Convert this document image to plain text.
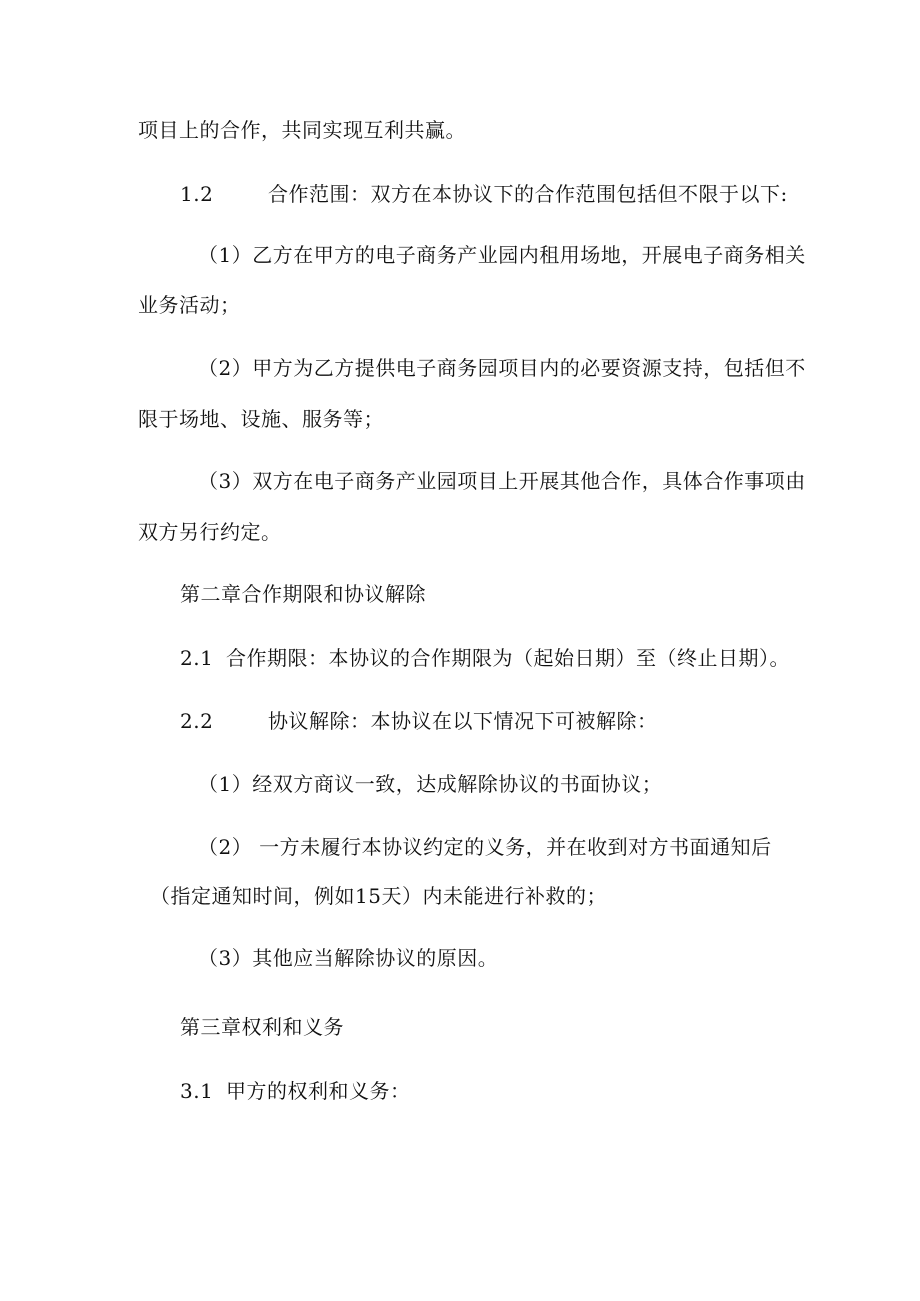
项目上的合作，共同实现互利共赢。
1.2	合作范围：双方在本协议下的合作范围包括但不限于以下:
（1）乙方在甲方的电子商务产业园内租用场地，开展电子商务相关
业务活动；
（2）甲方为乙方提供电子商务园项目内的必要资源支持，包括但不
限于场地、设施、服务等；
（3）双方在电子商务产业园项目上开展其他合作，具体合作事项由
双方另行约定。
第二章合作期限和协议解除
2.1 合作期限：本协议的合作期限为（起始日期）至（终止日期）。
2.2	协议解除：本协议在以下情况下可被解除：
（1）经双方商议一致，达成解除协议的书面协议；
（2） 一方未履行本协议约定的义务，并在收到对方书面通知后
（指定通知时间，例如15天）内未能进行补救的；
（3）其他应当解除协议的原因。
第三章权利和义务
3.1 甲方的权利和义务：
